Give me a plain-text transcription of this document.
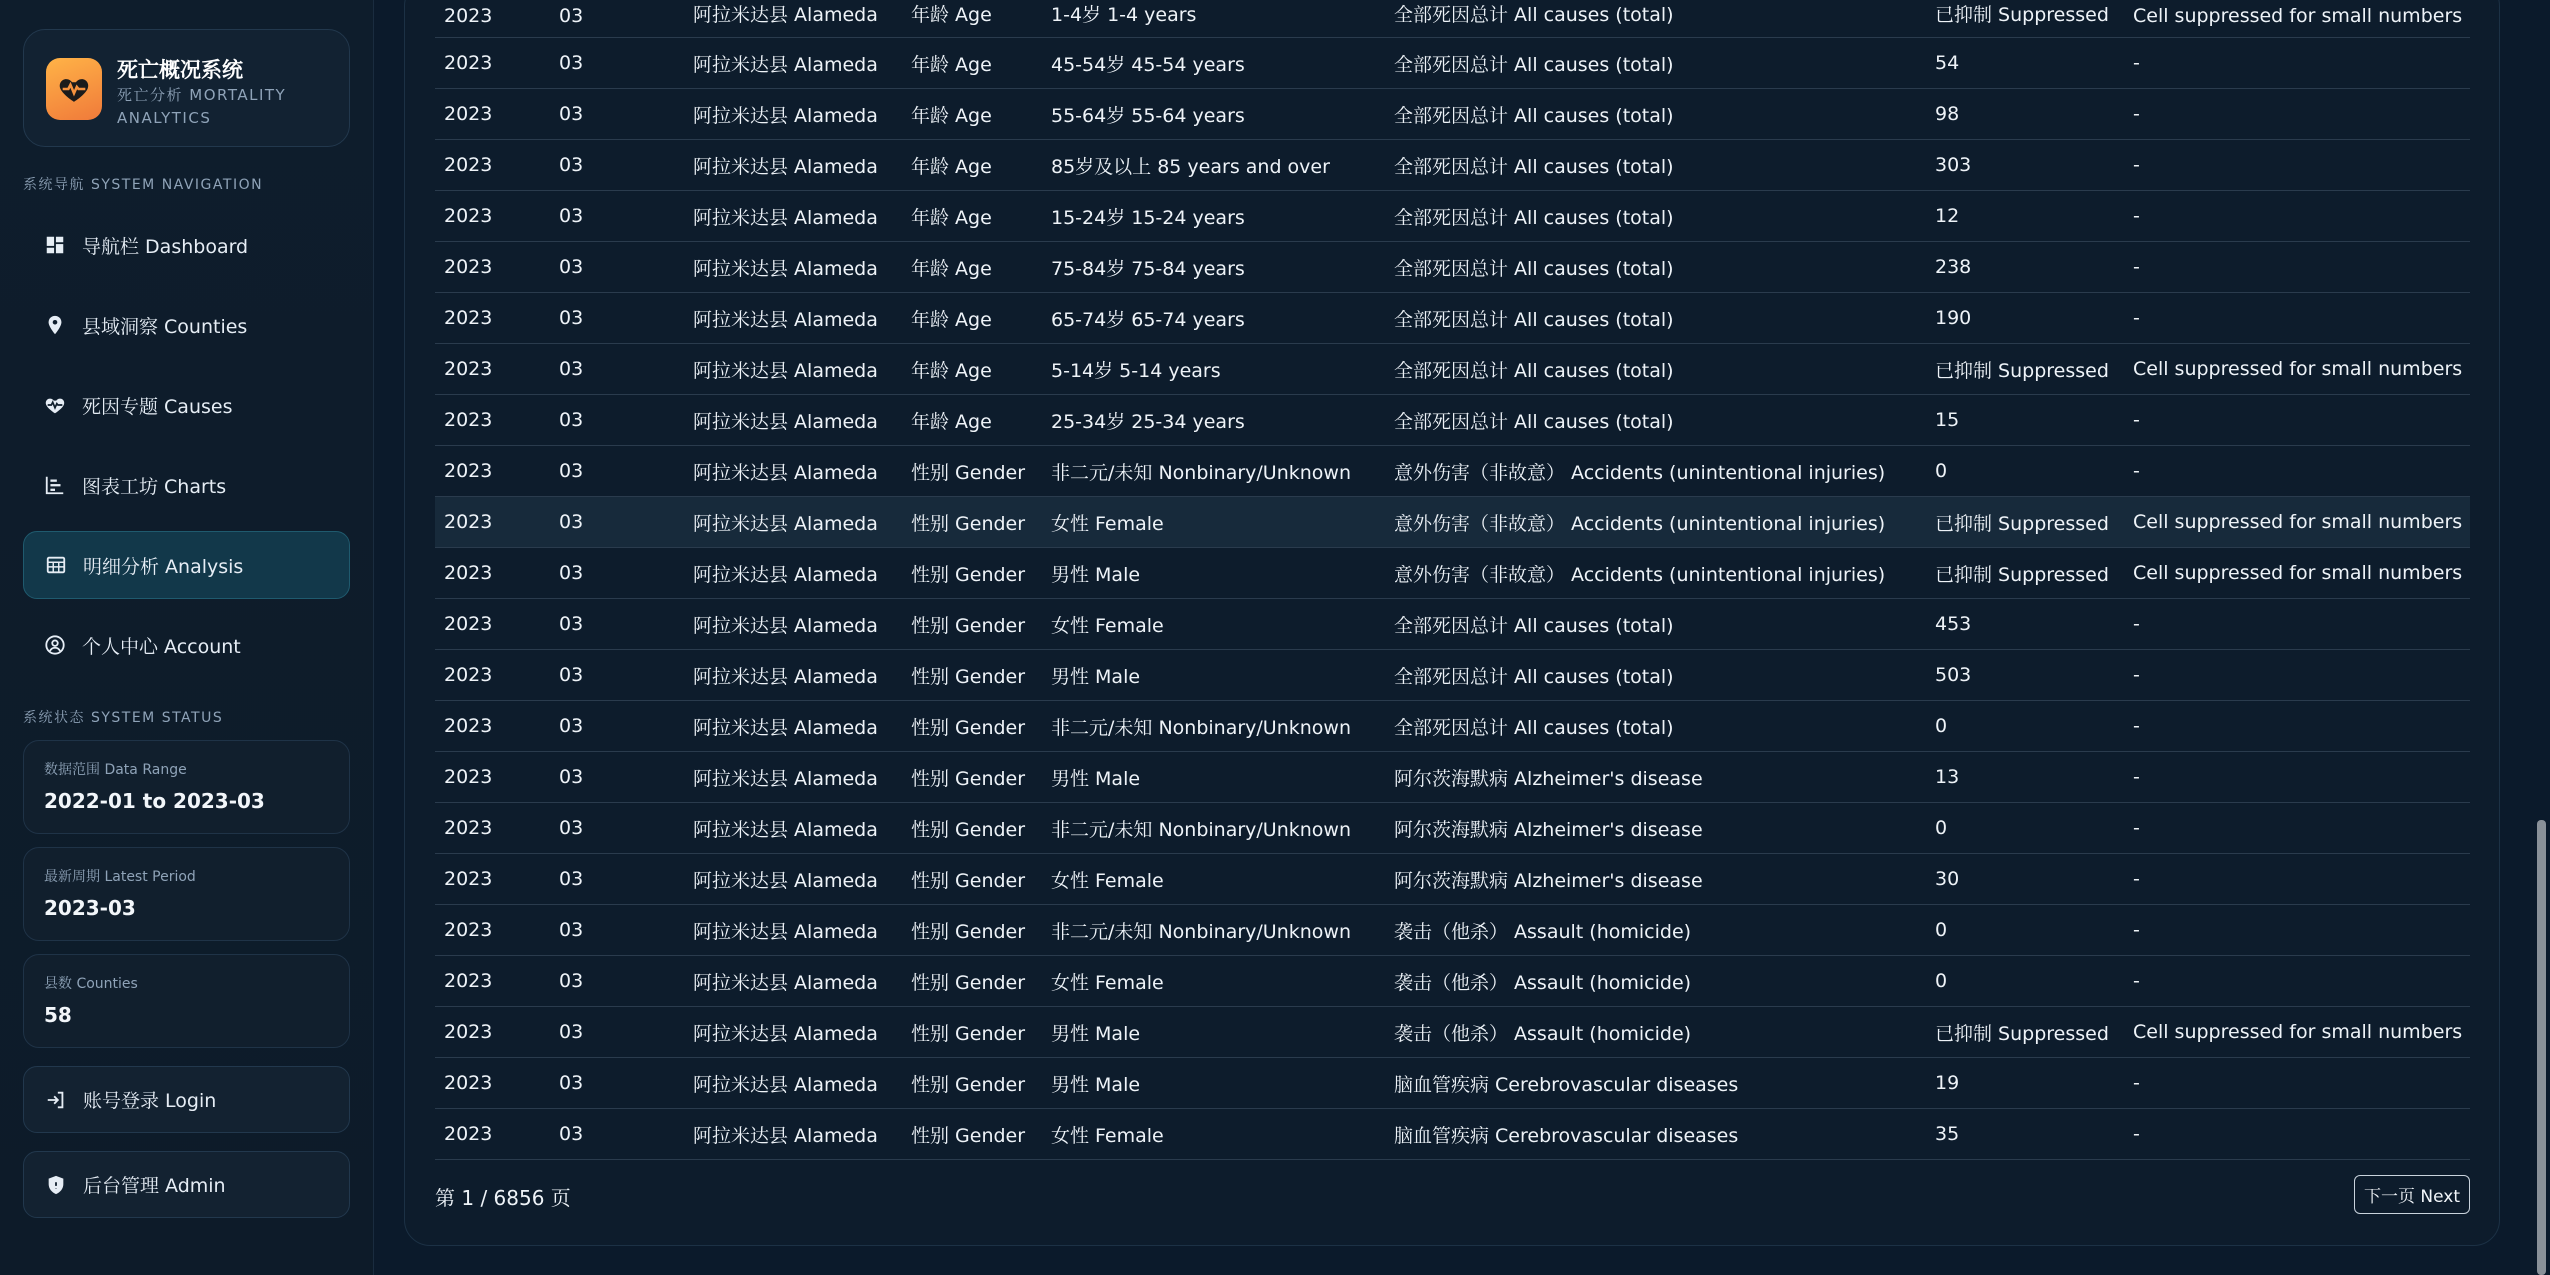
死亡概况系统
死亡分析 MORTALITY ANALYTICS
系统导航 SYSTEM NAVIGATION
导航栏 Dashboard
县域洞察 Counties
死因专题 Causes
图表工坊 Charts
明细分析 Analysis
个人中心 Account
系统状态 SYSTEM STATUS
数据范围 Data Range
2022-01 to 2023-03
最新周期 Latest Period
2023-03
县数 Counties
58
账号登录 Login
后台管理 Admin
2023	03	阿拉米达县 Alameda	年龄 Age	1-4岁 1-4 years	全部死因总计 All causes (total)	已抑制 Suppressed	Cell suppressed for small numbers
2023	03	阿拉米达县 Alameda	年龄 Age	45-54岁 45-54 years	全部死因总计 All causes (total)	54	-
2023	03	阿拉米达县 Alameda	年龄 Age	55-64岁 55-64 years	全部死因总计 All causes (total)	98	-
2023	03	阿拉米达县 Alameda	年龄 Age	85岁及以上 85 years and over	全部死因总计 All causes (total)	303	-
2023	03	阿拉米达县 Alameda	年龄 Age	15-24岁 15-24 years	全部死因总计 All causes (total)	12	-
2023	03	阿拉米达县 Alameda	年龄 Age	75-84岁 75-84 years	全部死因总计 All causes (total)	238	-
2023	03	阿拉米达县 Alameda	年龄 Age	65-74岁 65-74 years	全部死因总计 All causes (total)	190	-
2023	03	阿拉米达县 Alameda	年龄 Age	5-14岁 5-14 years	全部死因总计 All causes (total)	已抑制 Suppressed	Cell suppressed for small numbers
2023	03	阿拉米达县 Alameda	年龄 Age	25-34岁 25-34 years	全部死因总计 All causes (total)	15	-
2023	03	阿拉米达县 Alameda	性别 Gender	非二元/未知 Nonbinary/Unknown	意外伤害（非故意） Accidents (unintentional injuries)	0	-
2023	03	阿拉米达县 Alameda	性别 Gender	女性 Female	意外伤害（非故意） Accidents (unintentional injuries)	已抑制 Suppressed	Cell suppressed for small numbers
2023	03	阿拉米达县 Alameda	性别 Gender	男性 Male	意外伤害（非故意） Accidents (unintentional injuries)	已抑制 Suppressed	Cell suppressed for small numbers
2023	03	阿拉米达县 Alameda	性别 Gender	女性 Female	全部死因总计 All causes (total)	453	-
2023	03	阿拉米达县 Alameda	性别 Gender	男性 Male	全部死因总计 All causes (total)	503	-
2023	03	阿拉米达县 Alameda	性别 Gender	非二元/未知 Nonbinary/Unknown	全部死因总计 All causes (total)	0	-
2023	03	阿拉米达县 Alameda	性别 Gender	男性 Male	阿尔茨海默病 Alzheimer's disease	13	-
2023	03	阿拉米达县 Alameda	性别 Gender	非二元/未知 Nonbinary/Unknown	阿尔茨海默病 Alzheimer's disease	0	-
2023	03	阿拉米达县 Alameda	性别 Gender	女性 Female	阿尔茨海默病 Alzheimer's disease	30	-
2023	03	阿拉米达县 Alameda	性别 Gender	非二元/未知 Nonbinary/Unknown	袭击（他杀） Assault (homicide)	0	-
2023	03	阿拉米达县 Alameda	性别 Gender	女性 Female	袭击（他杀） Assault (homicide)	0	-
2023	03	阿拉米达县 Alameda	性别 Gender	男性 Male	袭击（他杀） Assault (homicide)	已抑制 Suppressed	Cell suppressed for small numbers
2023	03	阿拉米达县 Alameda	性别 Gender	男性 Male	脑血管疾病 Cerebrovascular diseases	19	-
2023	03	阿拉米达县 Alameda	性别 Gender	女性 Female	脑血管疾病 Cerebrovascular diseases	35	-
第 1 / 6856 页	下一页 Next
